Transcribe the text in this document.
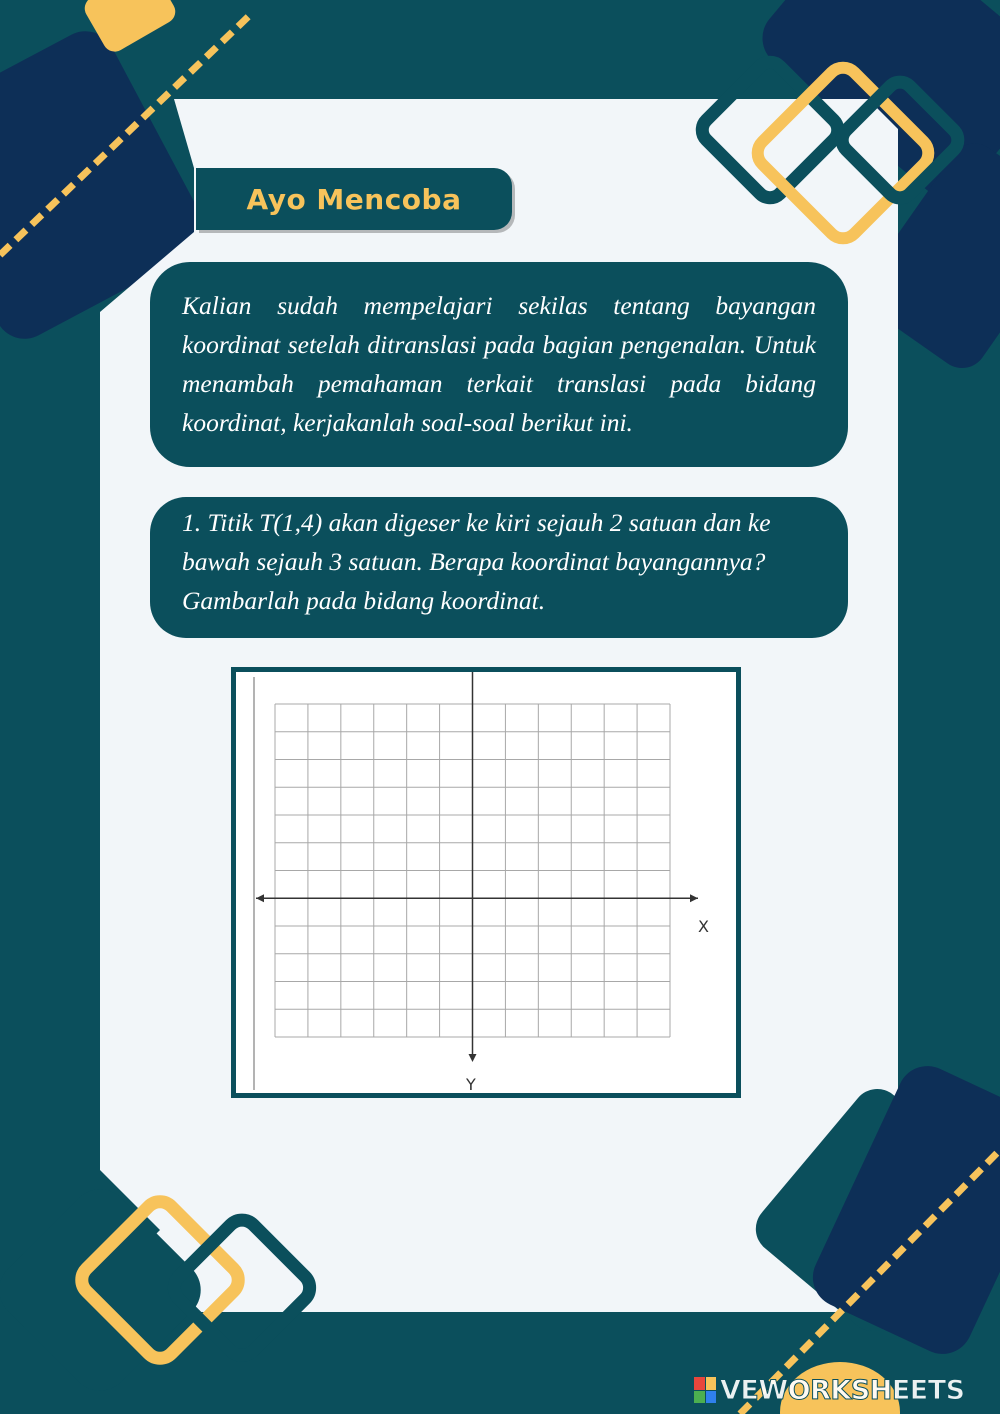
Ayo Mencoba

Kalian sudah mempelajari sekilas tentang bayangan koordinat setelah ditranslasi pada bagian pengenalan. Untuk menambah pemahaman terkait translasi pada bidang koordinat, kerjakanlah soal-soal berikut ini.

1. Titik T(1,4) akan digeser ke kiri sejauh 2 satuan dan ke bawah sejauh 3 satuan. Berapa koordinat bayangannya? Gambarlah pada bidang koordinat.

X
Y
VEWORKSHEETS
